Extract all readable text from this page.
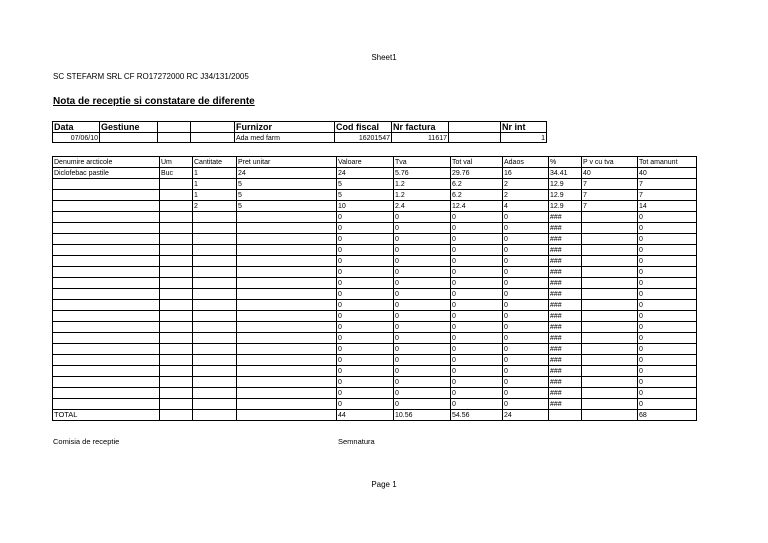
Sheet1
SC STEFARM SRL CF RO17272000 RC J34/131/2005
Nota de receptie si constatare de diferente
Data	Gestiune			Furnizor	Cod fiscal	Nr factura		Nr int
07/06/10				Ada med farm	16201547	11617		1
Denumire arcticole	Um	Cantitate	Pret unitar	Valoare	Tva	Tot val	Adaos	%	P v cu tva	Tot amanunt
Diclofebac pastile	Buc	1	24	24	5.76	29.76	16	34.41	40	40
		1	5	5	1.2	6.2	2	12.9	7	7
		1	5	5	1.2	6.2	2	12.9	7	7
		2	5	10	2.4	12.4	4	12.9	7	14
				0	0	0	0	###		0
				0	0	0	0	###		0
				0	0	0	0	###		0
				0	0	0	0	###		0
				0	0	0	0	###		0
				0	0	0	0	###		0
				0	0	0	0	###		0
				0	0	0	0	###		0
				0	0	0	0	###		0
				0	0	0	0	###		0
				0	0	0	0	###		0
				0	0	0	0	###		0
				0	0	0	0	###		0
				0	0	0	0	###		0
				0	0	0	0	###		0
				0	0	0	0	###		0
				0	0	0	0	###		0
				0	0	0	0	###		0
TOTAL				44	10.56	54.56	24			68
Comisia de receptie	Semnatura
Page 1
